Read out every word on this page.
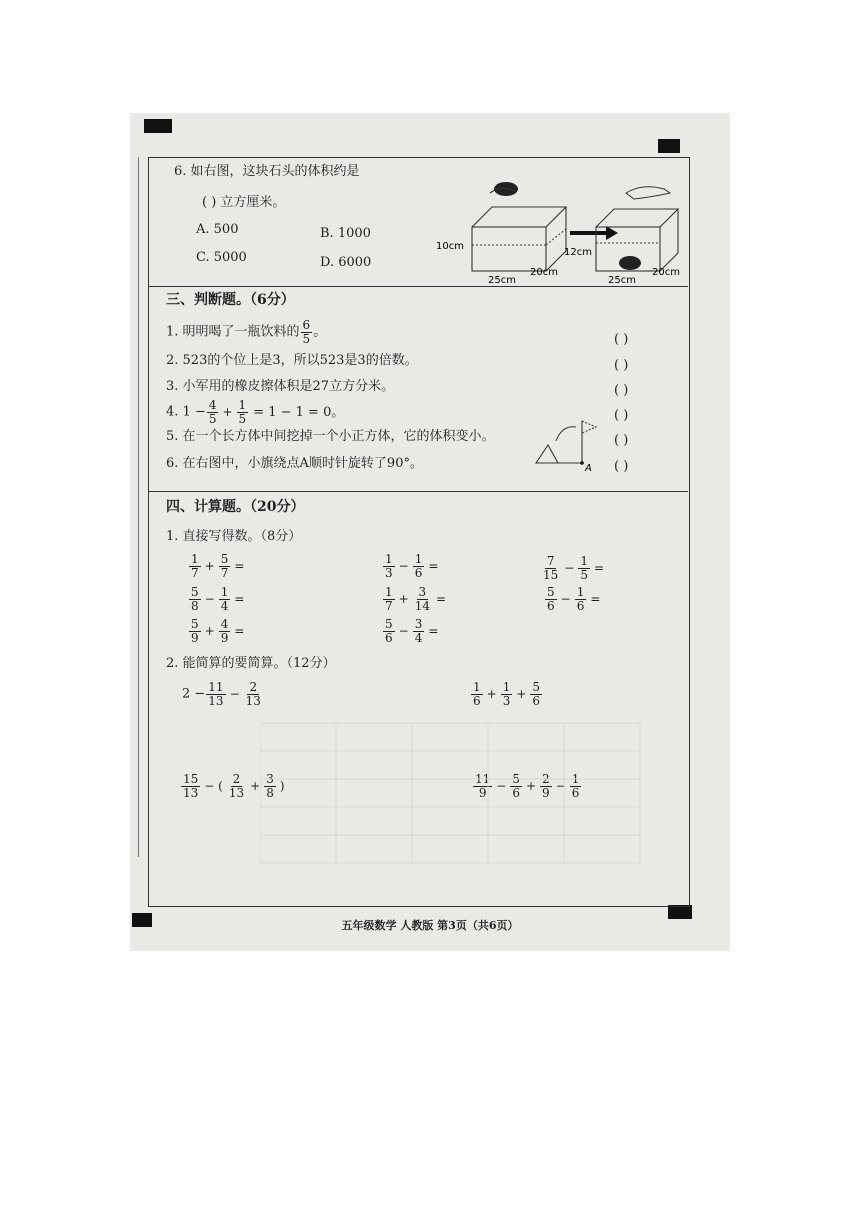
6. 如右图，这块石头的体积约是
( ) 立方厘米。
A. 500	B. 1000
C. 5000	D. 6000
10cm
25cm
20cm
12cm
25cm
20cm
三、判断题。（6分）
1. 明明喝了一瓶饮料的 $\frac{6}{5}$ 。
2. 523的个位上是3，所以523是3的倍数。
3. 小军用的橡皮擦体积是27立方分米。
4. $1 - \frac{4}{5} + \frac{1}{5} = 1 - 1 = 0$。
5. 在一个长方体中间挖掉一个小正方体，它的体积变小。
6. 在右图中，小旗绕点A顺时针旋转了90°。
( )
( )
( )
( )
( )
( )
A
四、计算题。（20分）
1. 直接写得数。（8分）
$\frac{1}{7} + \frac{5}{7}$ =	$\frac{1}{3} - \frac{1}{6}$ =	$\frac{7}{15} - \frac{1}{5}$ =
$\frac{5}{8} - \frac{1}{4}$ =	$\frac{1}{7} + \frac{3}{14}$ =	$\frac{5}{6} - \frac{1}{6}$ =
$\frac{5}{9} + \frac{4}{9}$ =	$\frac{5}{6} - \frac{3}{4}$ =
2. 能简算的要简算。（12分）
$2 - \frac{11}{13} - \frac{2}{13}$	$\frac{1}{6} + \frac{1}{3} + \frac{5}{6}$
$\frac{15}{13}$ − ( $\frac{2}{13} + \frac{3}{8}$ )	$\frac{11}{9} - \frac{5}{6} + \frac{2}{9} - \frac{1}{6}$
五年级数学 人教版 第3页（共6页）
